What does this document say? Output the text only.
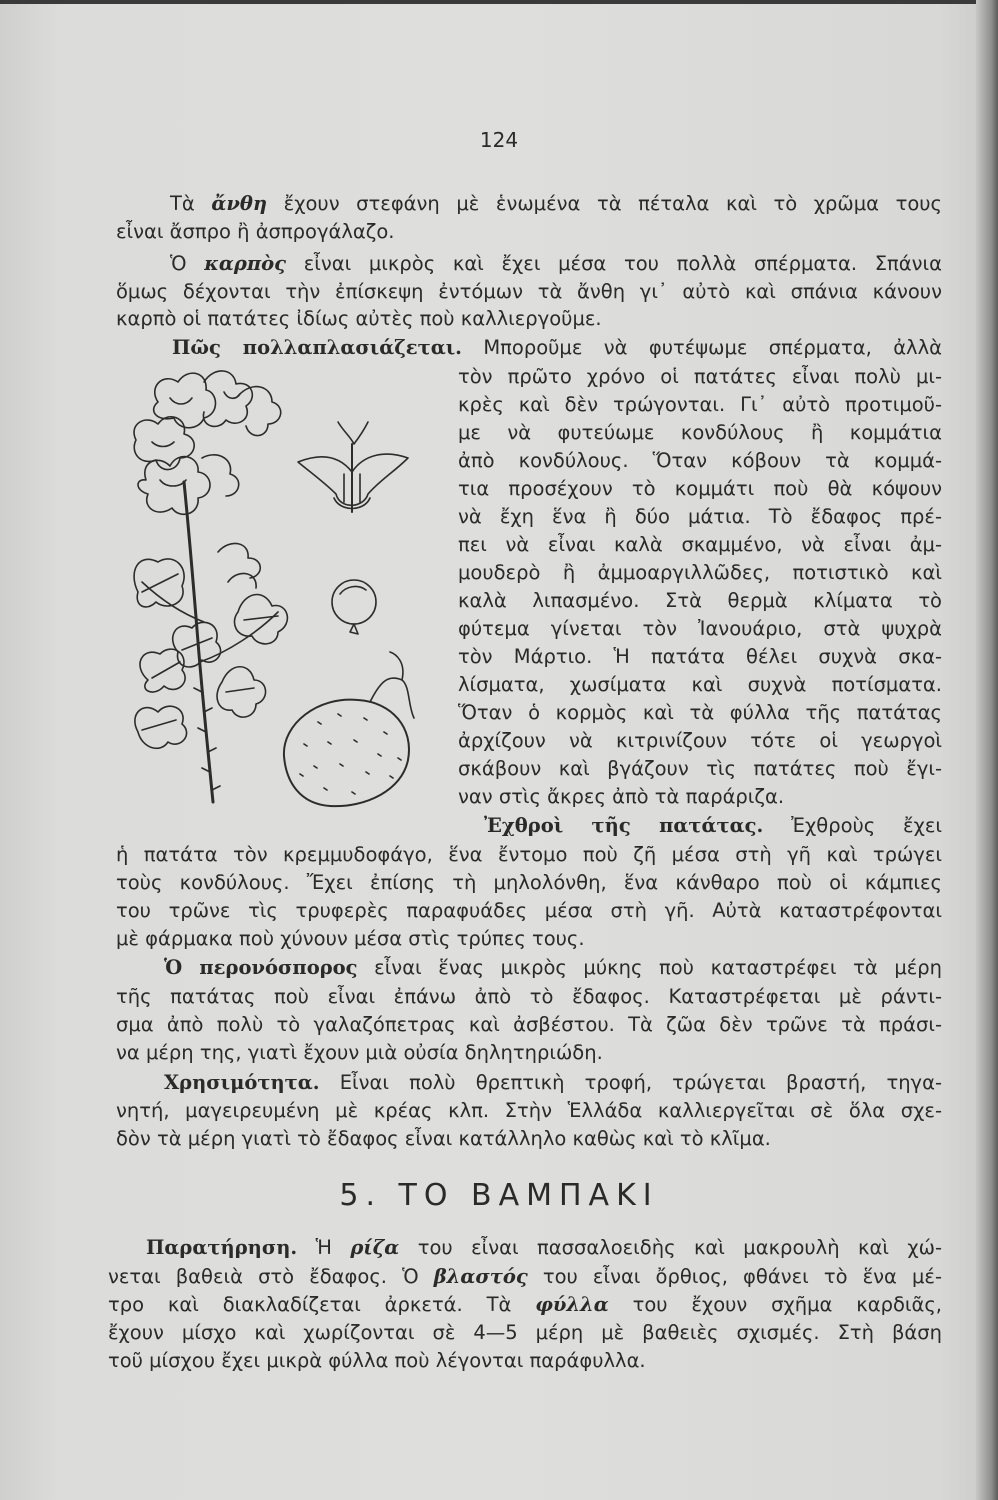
124
Τὰ ἄνθη ἔχουν στεφάνη μὲ ἑνωμένα τὰ πέταλα καὶ τὸ χρῶμα τους
εἶναι ἄσπρο ἢ ἀσπρογάλαζο.
Ὁ καρπὸς εἶναι μικρὸς καὶ ἔχει μέσα του πολλὰ σπέρματα. Σπάνια
ὅμως δέχονται τὴν ἐπίσκεψη ἐντόμων τὰ ἄνθη γι᾽ αὐτὸ καὶ σπάνια κάνουν
καρπὸ οἱ πατάτες ἰδίως αὐτὲς ποὺ καλλιεργοῦμε.
Πῶς πολλαπλασιάζεται. Μποροῦμε νὰ φυτέψωμε σπέρματα, ἀλλὰ
τὸν πρῶτο χρόνο οἱ πατάτες εἶναι πολὺ μι-
κρὲς καὶ δὲν τρώγονται. Γι᾽ αὐτὸ προτιμοῦ-
με νὰ φυτεύωμε κονδύλους ἢ κομμάτια
ἀπὸ κονδύλους. Ὅταν κόβουν τὰ κομμά-
τια προσέχουν τὸ κομμάτι ποὺ θὰ κόψουν
νὰ ἔχη ἕνα ἢ δύο μάτια. Τὸ ἔδαφος πρέ-
πει νὰ εἶναι καλὰ σκαμμένο, νὰ εἶναι ἀμ-
μουδερὸ ἢ ἀμμοαργιλλῶδες, ποτιστικὸ καὶ
καλὰ λιπασμένο. Στὰ θερμὰ κλίματα τὸ
φύτεμα γίνεται τὸν Ἰανουάριο, στὰ ψυχρὰ
τὸν Μάρτιο. Ἡ πατάτα θέλει συχνὰ σκα-
λίσματα, χωσίματα καὶ συχνὰ ποτίσματα.
Ὅταν ὁ κορμὸς καὶ τὰ φύλλα τῆς πατάτας
ἀρχίζουν νὰ κιτρινίζουν τότε οἱ γεωργοὶ
σκάβουν καὶ βγάζουν τὶς πατάτες ποὺ ἔγι-
ναν στὶς ἄκρες ἀπὸ τὰ παράριζα.
Ἐχθροὶ τῆς πατάτας. Ἐχθροὺς ἔχει
ἡ πατάτα τὸν κρεμμυδοφάγο, ἕνα ἔντομο ποὺ ζῆ μέσα στὴ γῆ καὶ τρώγει
τοὺς κονδύλους. Ἔχει ἐπίσης τὴ μηλολόνθη, ἕνα κάνθαρο ποὺ οἱ κάμπιες
του τρῶνε τὶς τρυφερὲς παραφυάδες μέσα στὴ γῆ. Αὐτὰ καταστρέφονται
μὲ φάρμακα ποὺ χύνουν μέσα στὶς τρύπες τους.
Ὁ περονόσπορος εἶναι ἕνας μικρὸς μύκης ποὺ καταστρέφει τὰ μέρη
τῆς πατάτας ποὺ εἶναι ἐπάνω ἀπὸ τὸ ἔδαφος. Καταστρέφεται μὲ ράντι-
σμα ἀπὸ πολὺ τὸ γαλαζόπετρας καὶ ἀσβέστου. Τὰ ζῶα δὲν τρῶνε τὰ πράσι-
να μέρη της, γιατὶ ἔχουν μιὰ οὐσία δηλητηριώδη.
Χρησιμότητα. Εἶναι πολὺ θρεπτικὴ τροφή, τρώγεται βραστή, τηγα-
νητή, μαγειρευμένη μὲ κρέας κλπ. Στὴν Ἑλλάδα καλλιεργεῖται σὲ ὅλα σχε-
δὸν τὰ μέρη γιατὶ τὸ ἔδαφος εἶναι κατάλληλο καθὼς καὶ τὸ κλῖμα.
5. ΤΟ ΒΑΜΠΑΚΙ
Παρατήρηση. Ἡ ρίζα του εἶναι πασσαλοειδὴς καὶ μακρουλὴ καὶ χώ-
νεται βαθειὰ στὸ ἔδαφος. Ὁ βλαστός του εἶναι ὄρθιος, φθάνει τὸ ἕνα μέ-
τρο καὶ διακλαδίζεται ἀρκετά. Τὰ φύλλα του ἔχουν σχῆμα καρδιᾶς,
ἔχουν μίσχο καὶ χωρίζονται σὲ 4—5 μέρη μὲ βαθειὲς σχισμές. Στὴ βάση
τοῦ μίσχου ἔχει μικρὰ φύλλα ποὺ λέγονται παράφυλλα.
